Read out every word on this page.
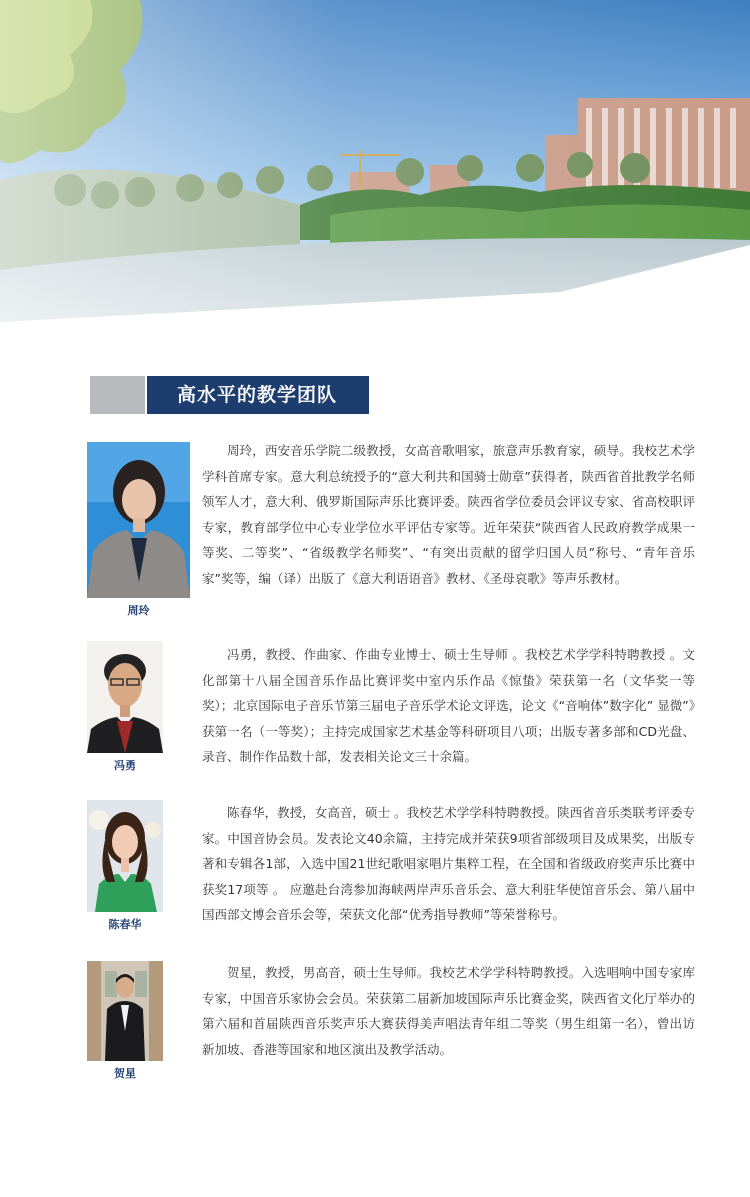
高水平的教学团队
周玲
周玲，西安音乐学院二级教授，女高音歌唱家，旅意声乐教育家，硕导。我校艺术学学科首席专家。意大利总统授予的“意大利共和国骑士勋章”获得者，陕西省首批教学名师领军人才，意大利、俄罗斯国际声乐比赛评委。陕西省学位委员会评议专家、省高校职评专家，教育部学位中心专业学位水平评估专家等。近年荣获“陕西省人民政府教学成果一等奖、二等奖”、“省级教学名师奖”、“有突出贡献的留学归国人员”称号、“青年音乐家”奖等，编（译）出版了《意大利语语音》教材、《圣母哀歌》等声乐教材。
冯勇
冯勇，教授、作曲家、作曲专业博士、硕士生导师 。我校艺术学学科特聘教授 。文化部第十八届全国音乐作品比赛评奖中室内乐作品《惊蛰》荣获第一名（文华奖一等奖）；北京国际电子音乐节第三届电子音乐学术论文评选，论文《“音响体”数字化” 显微”》获第一名（一等奖）；主持完成国家艺术基金等科研项目八项；出版专著多部和CD光盘、录音、制作作品数十部，发表相关论文三十余篇。
陈春华
陈春华，教授，女高音，硕士 。我校艺术学学科特聘教授。陕西省音乐类联考评委专家。中国音协会员。发表论文40余篇，主持完成并荣获9项省部级项目及成果奖，出版专著和专辑各1部，入选中国21世纪歌唱家唱片集粹工程，在全国和省级政府奖声乐比赛中获奖17项等 。 应邀赴台湾参加海峡两岸声乐音乐会、意大利驻华使馆音乐会、第八届中国西部文博会音乐会等，荣获文化部“优秀指导教师”等荣誉称号。
贺星
贺星，教授，男高音，硕士生导师。我校艺术学学科特聘教授。入选唱响中国专家库专家，中国音乐家协会会员。荣获第二届新加坡国际声乐比赛金奖，陕西省文化厅举办的第六届和首届陕西音乐奖声乐大赛获得美声唱法青年组二等奖（男生组第一名），曾出访新加坡、香港等国家和地区演出及教学活动。
